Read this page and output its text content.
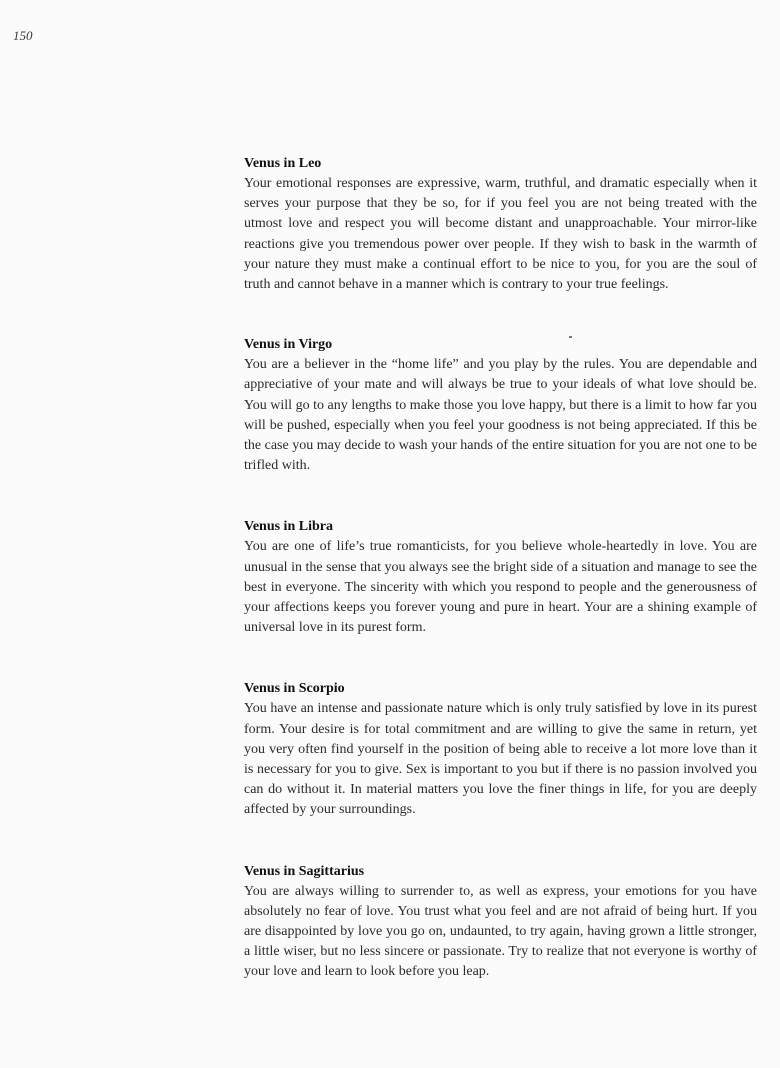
150

Venus in Leo

Your emotional responses are expressive, warm, truthful, and dramatic especially when it serves your purpose that they be so, for if you feel you are not being treated with the utmost love and respect you will become distant and unapproachable. Your mirror-like reactions give you tremendous power over people. If they wish to bask in the warmth of your nature they must make a continual effort to be nice to you, for you are the soul of truth and cannot behave in a manner which is contrary to your true feelings.

Venus in Virgo

You are a believer in the “home life” and you play by the rules. You are dependable and appreciative of your mate and will always be true to your ideals of what love should be. You will go to any lengths to make those you love happy, but there is a limit to how far you will be pushed, especially when you feel your goodness is not being appreciated. If this be the case you may decide to wash your hands of the entire situation for you are not one to be trifled with.

Venus in Libra

You are one of life’s true romanticists, for you believe whole-heartedly in love. You are unusual in the sense that you always see the bright side of a situation and manage to see the best in everyone. The sincerity with which you respond to people and the generousness of your affections keeps you forever young and pure in heart. Your are a shining example of universal love in its purest form.

Venus in Scorpio

You have an intense and passionate nature which is only truly satisfied by love in its purest form. Your desire is for total commitment and are willing to give the same in return, yet you very often find yourself in the position of being able to receive a lot more love than it is necessary for you to give. Sex is important to you but if there is no passion involved you can do without it. In material matters you love the finer things in life, for you are deeply affected by your surroundings.

Venus in Sagittarius

You are always willing to surrender to, as well as express, your emotions for you have absolutely no fear of love. You trust what you feel and are not afraid of being hurt. If you are disappointed by love you go on, undaunted, to try again, having grown a little stronger, a little wiser, but no less sincere or passionate. Try to realize that not everyone is worthy of your love and learn to look before you leap.
